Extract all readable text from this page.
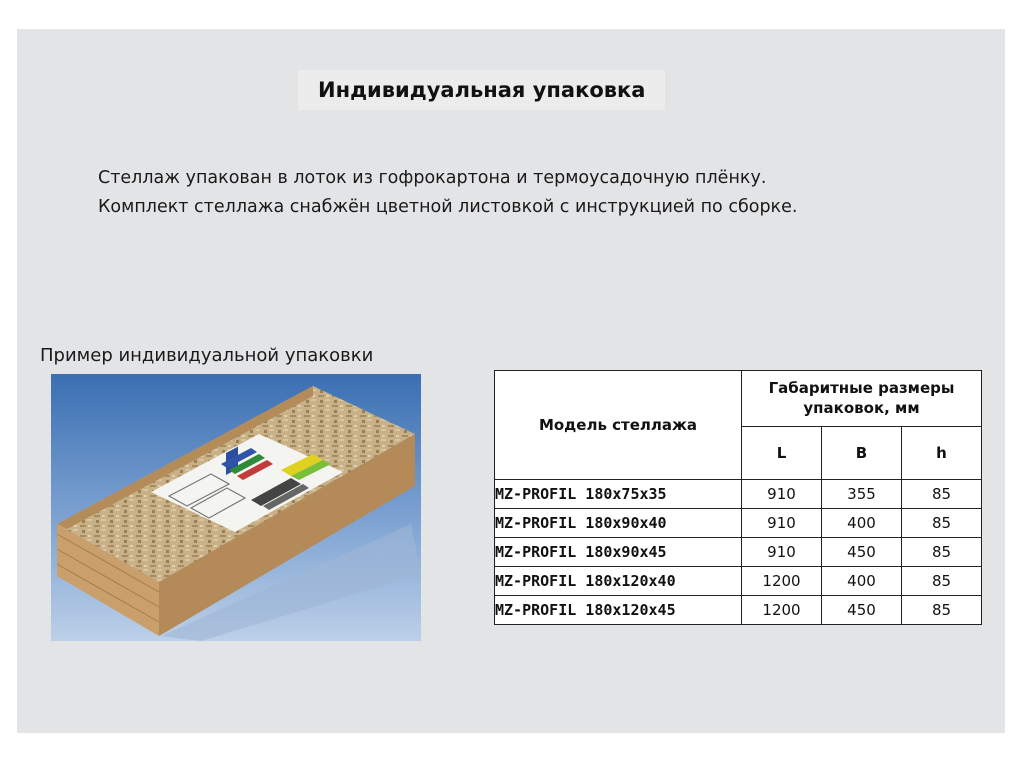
Индивидуальная упаковка
Стеллаж упакован в лоток из гофрокартона и термоусадочную плёнку.
Комплект стеллажа снабжён цветной листовкой с инструкцией по сборке.
Пример индивидуальной упаковки
Модель стеллажа	Габаритные размеры упаковок, мм		
	L	B	h
MZ-PROFIL 180x75x35	910	355	85
MZ-PROFIL 180x90x40	910	400	85
MZ-PROFIL 180x90x45	910	450	85
MZ-PROFIL 180x120x40	1200	400	85
MZ-PROFIL 180x120x45	1200	450	85
